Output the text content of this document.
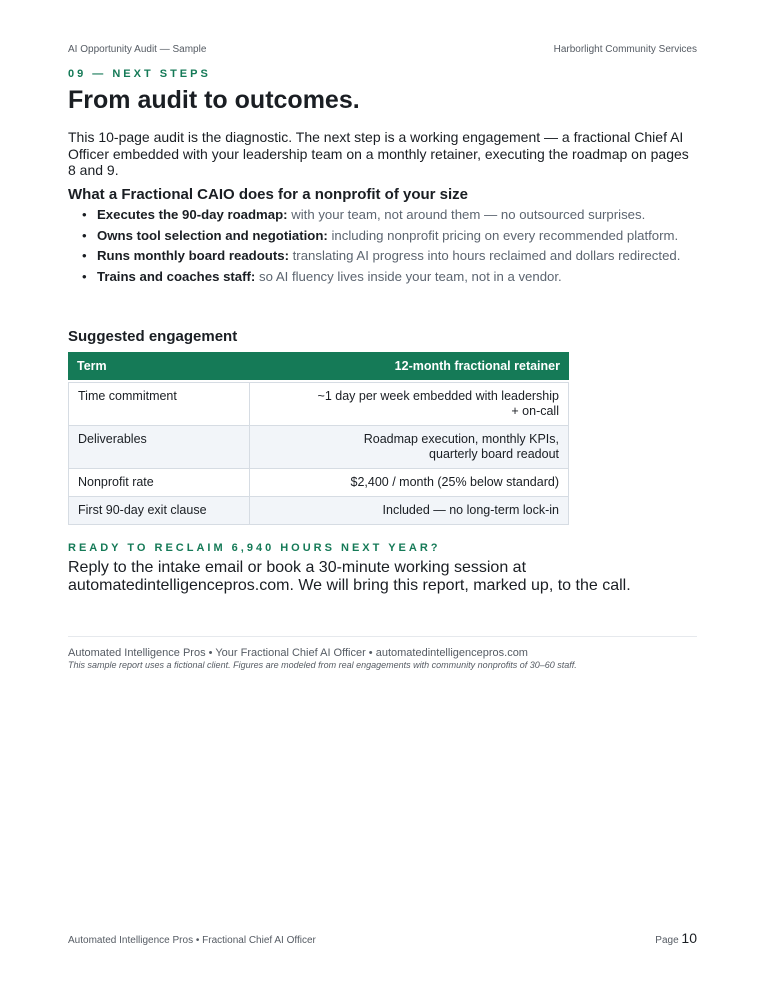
AI Opportunity Audit — Sample	Harborlight Community Services
09 — NEXT STEPS
From audit to outcomes.

This 10-page audit is the diagnostic. The next step is a working engagement — a fractional Chief AI Officer embedded with your leadership team on a monthly retainer, executing the roadmap on pages 8 and 9.

What a Fractional CAIO does for a nonprofit of your size
• Executes the 90-day roadmap: with your team, not around them — no outsourced surprises.
• Owns tool selection and negotiation: including nonprofit pricing on every recommended platform.
• Runs monthly board readouts: translating AI progress into hours reclaimed and dollars redirected.
• Trains and coaches staff: so AI fluency lives inside your team, not in a vendor.
Suggested engagement
Term	12-month fractional retainer

Time commitment	~1 day per week embedded with leadership
+ on-call
Deliverables	Roadmap execution, monthly KPIs,
quarterly board readout
Nonprofit rate	$2,400 / month (25% below standard)
First 90-day exit clause	Included — no long-term lock-in
READY TO RECLAIM 6,940 HOURS NEXT YEAR?

Reply to the intake email or book a 30-minute working session at
automatedintelligencepros.com. We will bring this report, marked up, to the call.

Automated Intelligence Pros • Your Fractional Chief AI Officer • automatedintelligencepros.com
This sample report uses a fictional client. Figures are modeled from real engagements with community nonprofits of 30–60 staff.
Automated Intelligence Pros • Fractional Chief AI Officer	Page 10
